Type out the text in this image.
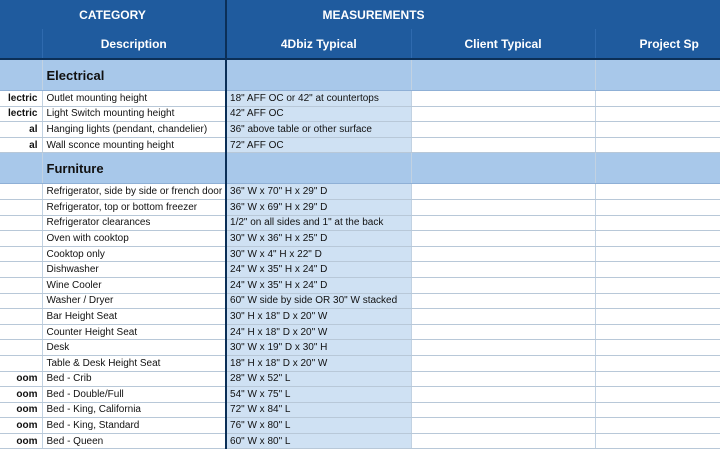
CATEGORY		MEASUREMENTS		
	Description	4Dbiz Typical	Client Typical	Project Sp
	Electrical			
lectric	Outlet mounting height	18" AFF OC or 42" at countertops		
lectric	Light Switch mounting height	42" AFF OC		
al	Hanging lights (pendant, chandelier)	36" above table or other surface		
al	Wall sconce mounting height	72" AFF OC		
	Furniture			
	Refrigerator, side by side or french door	36" W x 70" H x 29" D		
	Refrigerator, top or bottom freezer	36" W x 69" H x 29" D		
	Refrigerator clearances	1/2" on all sides and 1" at the back		
	Oven with cooktop	30" W x 36" H x 25" D		
	Cooktop only	30" W x 4" H x 22" D		
	Dishwasher	24" W x 35" H x 24" D		
	Wine Cooler	24" W x 35" H x 24" D		
	Washer / Dryer	60" W side by side OR 30" W stacked		
	Bar Height Seat	30" H x 18" D x 20" W		
	Counter Height Seat	24" H x 18" D x 20" W		
	Desk	30" W x 19" D x 30" H		
	Table & Desk Height Seat	18" H x 18" D x 20" W		
oom	Bed - Crib	28" W x 52" L		
oom	Bed - Double/Full	54" W x 75" L		
oom	Bed - King, California	72" W x 84" L		
oom	Bed - King, Standard	76" W x 80" L		
oom	Bed - Queen	60" W x 80" L		
